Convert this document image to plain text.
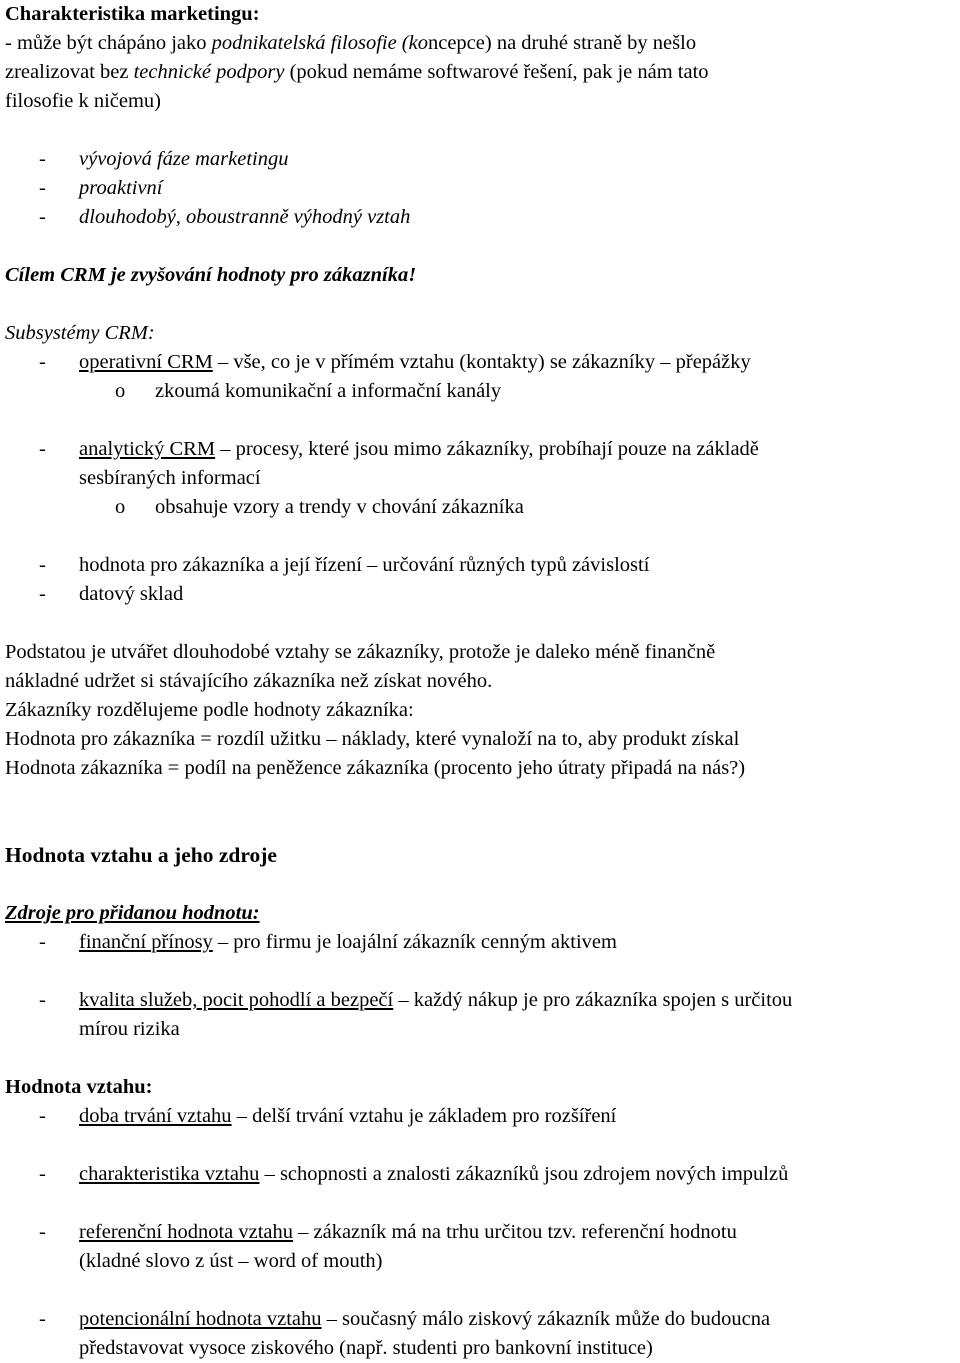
Charakteristika marketingu:
- může být chápáno jako podnikatelská filosofie (koncepce) na druhé straně by nešlo
zrealizovat bez technické podpory (pokud nemáme softwarové řešení, pak je nám tato
filosofie k ničemu)
- vývojová fáze marketingu
- proaktivní
- dlouhodobý, oboustranně výhodný vztah
Cílem CRM je zvyšování hodnoty pro zákazníka!
Subsystémy CRM:
- operativní CRM – vše, co je v přímém vztahu (kontakty) se zákazníky – přepážky
o zkoumá komunikační a informační kanály
- analytický CRM – procesy, které jsou mimo zákazníky, probíhají pouze na základě
sesbíraných informací
o obsahuje vzory a trendy v chování zákazníka
- hodnota pro zákazníka a její řízení – určování různých typů závislostí
- datový sklad
Podstatou je utvářet dlouhodobé vztahy se zákazníky, protože je daleko méně finančně
nákladné udržet si stávajícího zákazníka než získat nového.
Zákazníky rozdělujeme podle hodnoty zákazníka:
Hodnota pro zákazníka = rozdíl užitku – náklady, které vynaloží na to, aby produkt získal
Hodnota zákazníka = podíl na peněžence zákazníka (procento jeho útraty připadá na nás?)
Hodnota vztahu a jeho zdroje
Zdroje pro přidanou hodnotu:
- finanční přínosy – pro firmu je loajální zákazník cenným aktivem
- kvalita služeb, pocit pohodlí a bezpečí – každý nákup je pro zákazníka spojen s určitou
mírou rizika
Hodnota vztahu:
- doba trvání vztahu – delší trvání vztahu je základem pro rozšíření
- charakteristika vztahu – schopnosti a znalosti zákazníků jsou zdrojem nových impulzů
- referenční hodnota vztahu – zákazník má na trhu určitou tzv. referenční hodnotu
(kladné slovo z úst – word of mouth)
- potencionální hodnota vztahu – současný málo ziskový zákazník může do budoucna
představovat vysoce ziskového (např. studenti pro bankovní instituce)
